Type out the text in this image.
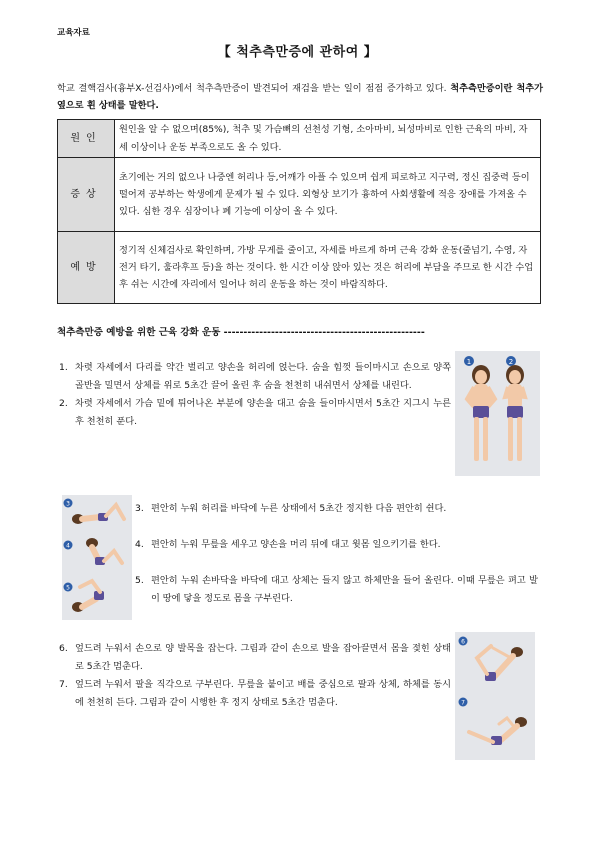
교육자료
【 척추측만증에 관하여 】
학교 결핵검사(흉부X-선검사)에서 척추측만증이 발견되어 재검을 받는 일이 점점 증가하고 있다. 척추측만증이란 척추가 옆으로 휜 상태를 말한다.
원인	원인을 알 수 없으며(85%), 척추 및 가슴뼈의 선천성 기형, 소아마비, 뇌성마비로 인한 근육의 마비, 자세 이상이나 운동 부족으로도 올 수 있다.
증상	초기에는 거의 없으나 나중엔 허리나 등,어깨가 아플 수 있으며 쉽게 피로하고 지구력, 정신 집중력 등이 떨어져 공부하는 학생에게 문제가 될 수 있다. 외형상 보기가 흉하여 사회생활에 적응 장애를 가져올 수 있다. 심한 경우 심장이나 폐 기능에 이상이 올 수 있다.
예방	정기적 신체검사로 확인하며, 가방 무게를 줄이고, 자세를 바르게 하며 근육 강화 운동(줄넘기, 수영, 자전거 타기, 훌라후프 등)을 하는 것이다. 한 시간 이상 앉아 있는 것은 허리에 부담을 주므로 한 시간 수업 후 쉬는 시간에 자리에서 일어나 허리 운동을 하는 것이 바람직하다.
척추측만증 예방을 위한 근육 강화 운동 ---------------------------------------------------
1. 차렷 자세에서 다리를 약간 벌리고 양손을 허리에 얹는다. 숨을 힘껏 들이마시고 손으로 양쪽 골반을 밀면서 상체를 위로 5초간 끌어 올린 후 숨을 천천히 내쉬면서 상체를 내린다.
2. 차렷 자세에서 가슴 밑에 튀어나온 부분에 양손을 대고 숨을 들이마시면서 5초간 지그시 누른 후 천천히 푼다.
1	2
3
4
5
3. 편안히 누워 허리를 바닥에 누른 상태에서 5초간 정지한 다음 편안히 쉰다.
4. 편안히 누워 무릎을 세우고 양손을 머리 뒤에 대고 윗몸 일으키기를 한다.
5. 편안히 누워 손바닥을 바닥에 대고 상체는 들지 않고 하체만을 들어 올린다. 이때 무릎은 펴고 발이 땅에 닿을 정도로 몸을 구부린다.
6. 엎드려 누워서 손으로 양 발목을 잡는다. 그림과 같이 손으로 발을 잡아끌면서 몸을 젖힌 상태로 5초간 멈춘다.
7. 엎드려 누워서 팔을 직각으로 구부린다. 무릎을 붙이고 배를 중심으로 팔과 상체, 하체를 동시에 천천히 든다. 그림과 같이 시행한 후 정지 상태로 5초간 멈춘다.
6
7
